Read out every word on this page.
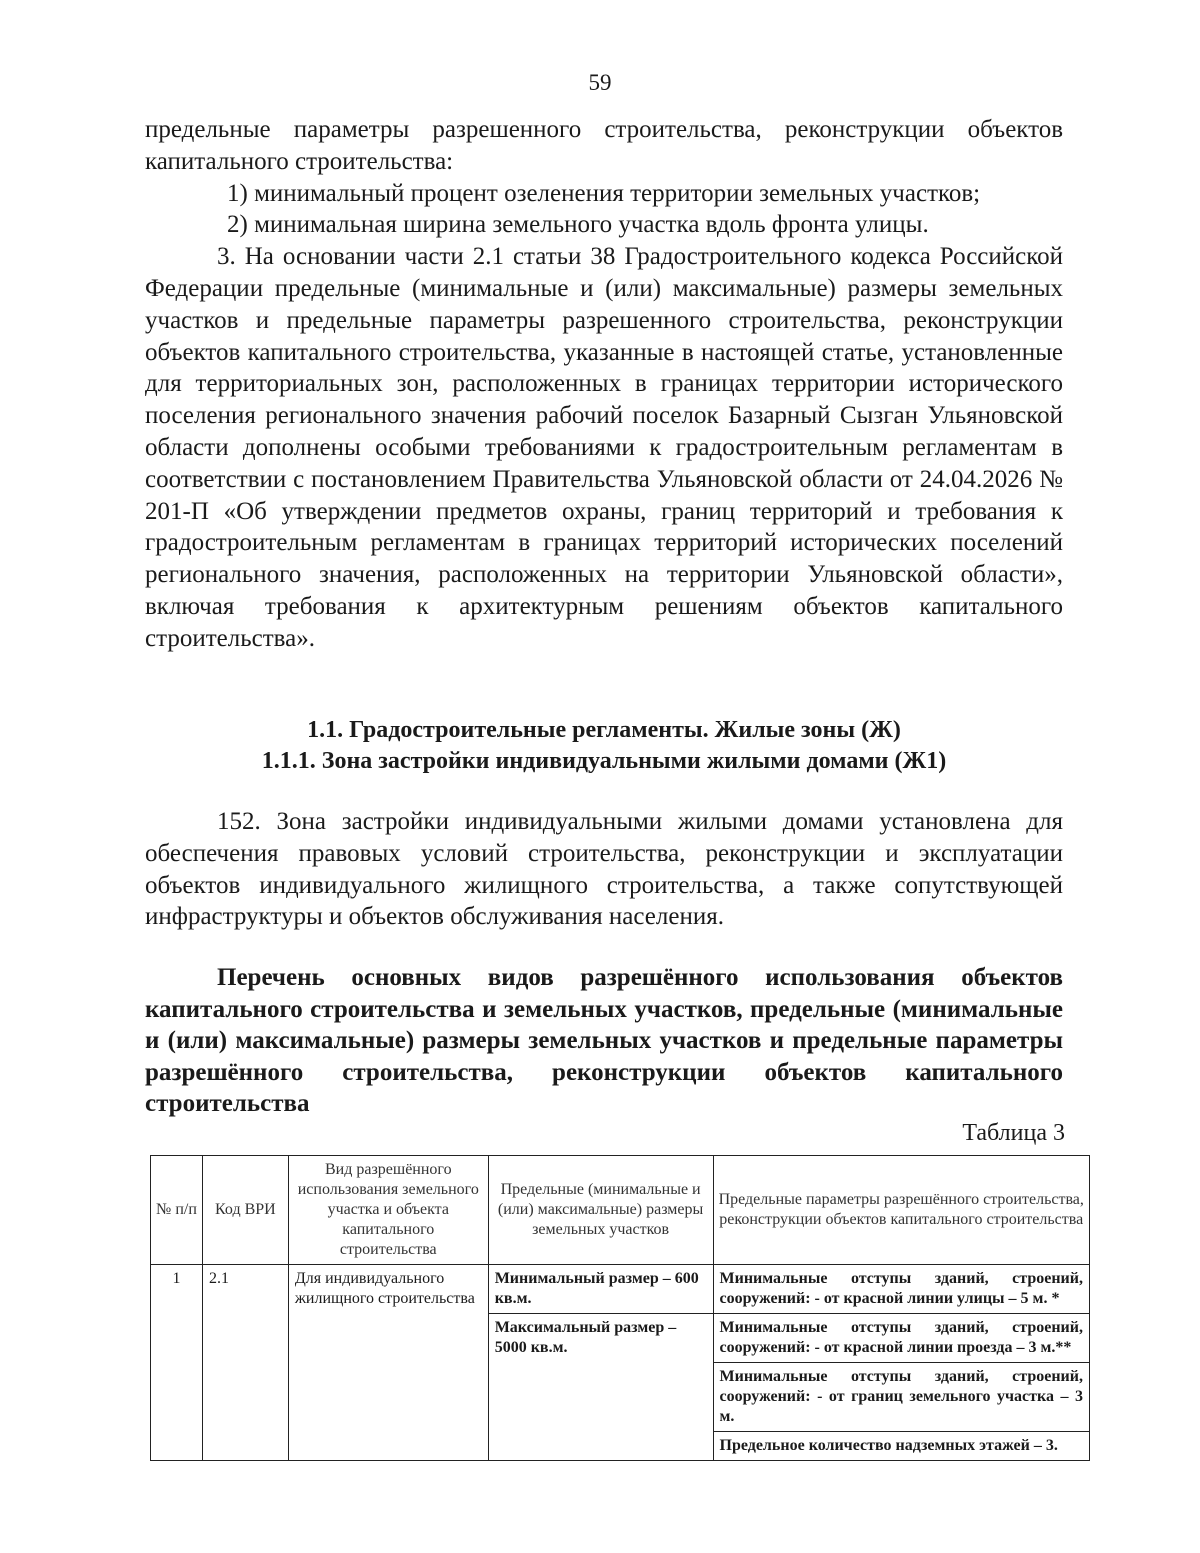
59

предельные параметры разрешенного строительства, реконструкции объектов капитального строительства:

1) минимальный процент озеленения территории земельных участков;

2) минимальная ширина земельного участка вдоль фронта улицы.

3. На основании части 2.1 статьи 38 Градостроительного кодекса Российской Федерации предельные (минимальные и (или) максимальные) размеры земельных участков и предельные параметры разрешенного строительства, реконструкции объектов капитального строительства, указанные в настоящей статье, установленные для территориальных зон, расположенных в границах территории исторического поселения регионального значения рабочий поселок Базарный Сызган Ульяновской области дополнены особыми требованиями к градостроительным регламентам в соответствии с постановлением Правительства Ульяновской области от 24.04.2026 № 201-П «Об утверждении предметов охраны, границ территорий и требования к градостроительным регламентам в границах территорий исторических поселений регионального значения, расположенных на территории Ульяновской области», включая требования к архитектурным решениям объектов капитального строительства».

1.1. Градостроительные регламенты. Жилые зоны (Ж)
1.1.1. Зона застройки индивидуальными жилыми домами (Ж1)

152. Зона застройки индивидуальными жилыми домами установлена для обеспечения правовых условий строительства, реконструкции и эксплуатации объектов индивидуального жилищного строительства, а также сопутствующей инфраструктуры и объектов обслуживания населения.

Перечень основных видов разрешённого использования объектов капитального строительства и земельных участков, предельные (минимальные и (или) максимальные) размеры земельных участков и предельные параметры разрешённого строительства, реконструкции объектов капитального строительства
Таблица 3
№ п/п	Код ВРИ	Вид разрешённого использования земельного участка и объекта капитального строительства	Предельные (минимальные и (или) максимальные) размеры земельных участков	Предельные параметры разрешённого строительства, реконструкции объектов капитального строительства
1	2.1	Для индивидуального жилищного строительства	Минимальный размер – 600 кв.м.	Минимальные отступы зданий, строений, сооружений: - от красной линии улицы – 5 м. *
			Максимальный размер – 5000 кв.м.	Минимальные отступы зданий, строений, сооружений: - от красной линии проезда – 3 м.**
				Минимальные отступы зданий, строений, сооружений: - от границ земельного участка – 3 м.
				Предельное количество надземных этажей – 3.
